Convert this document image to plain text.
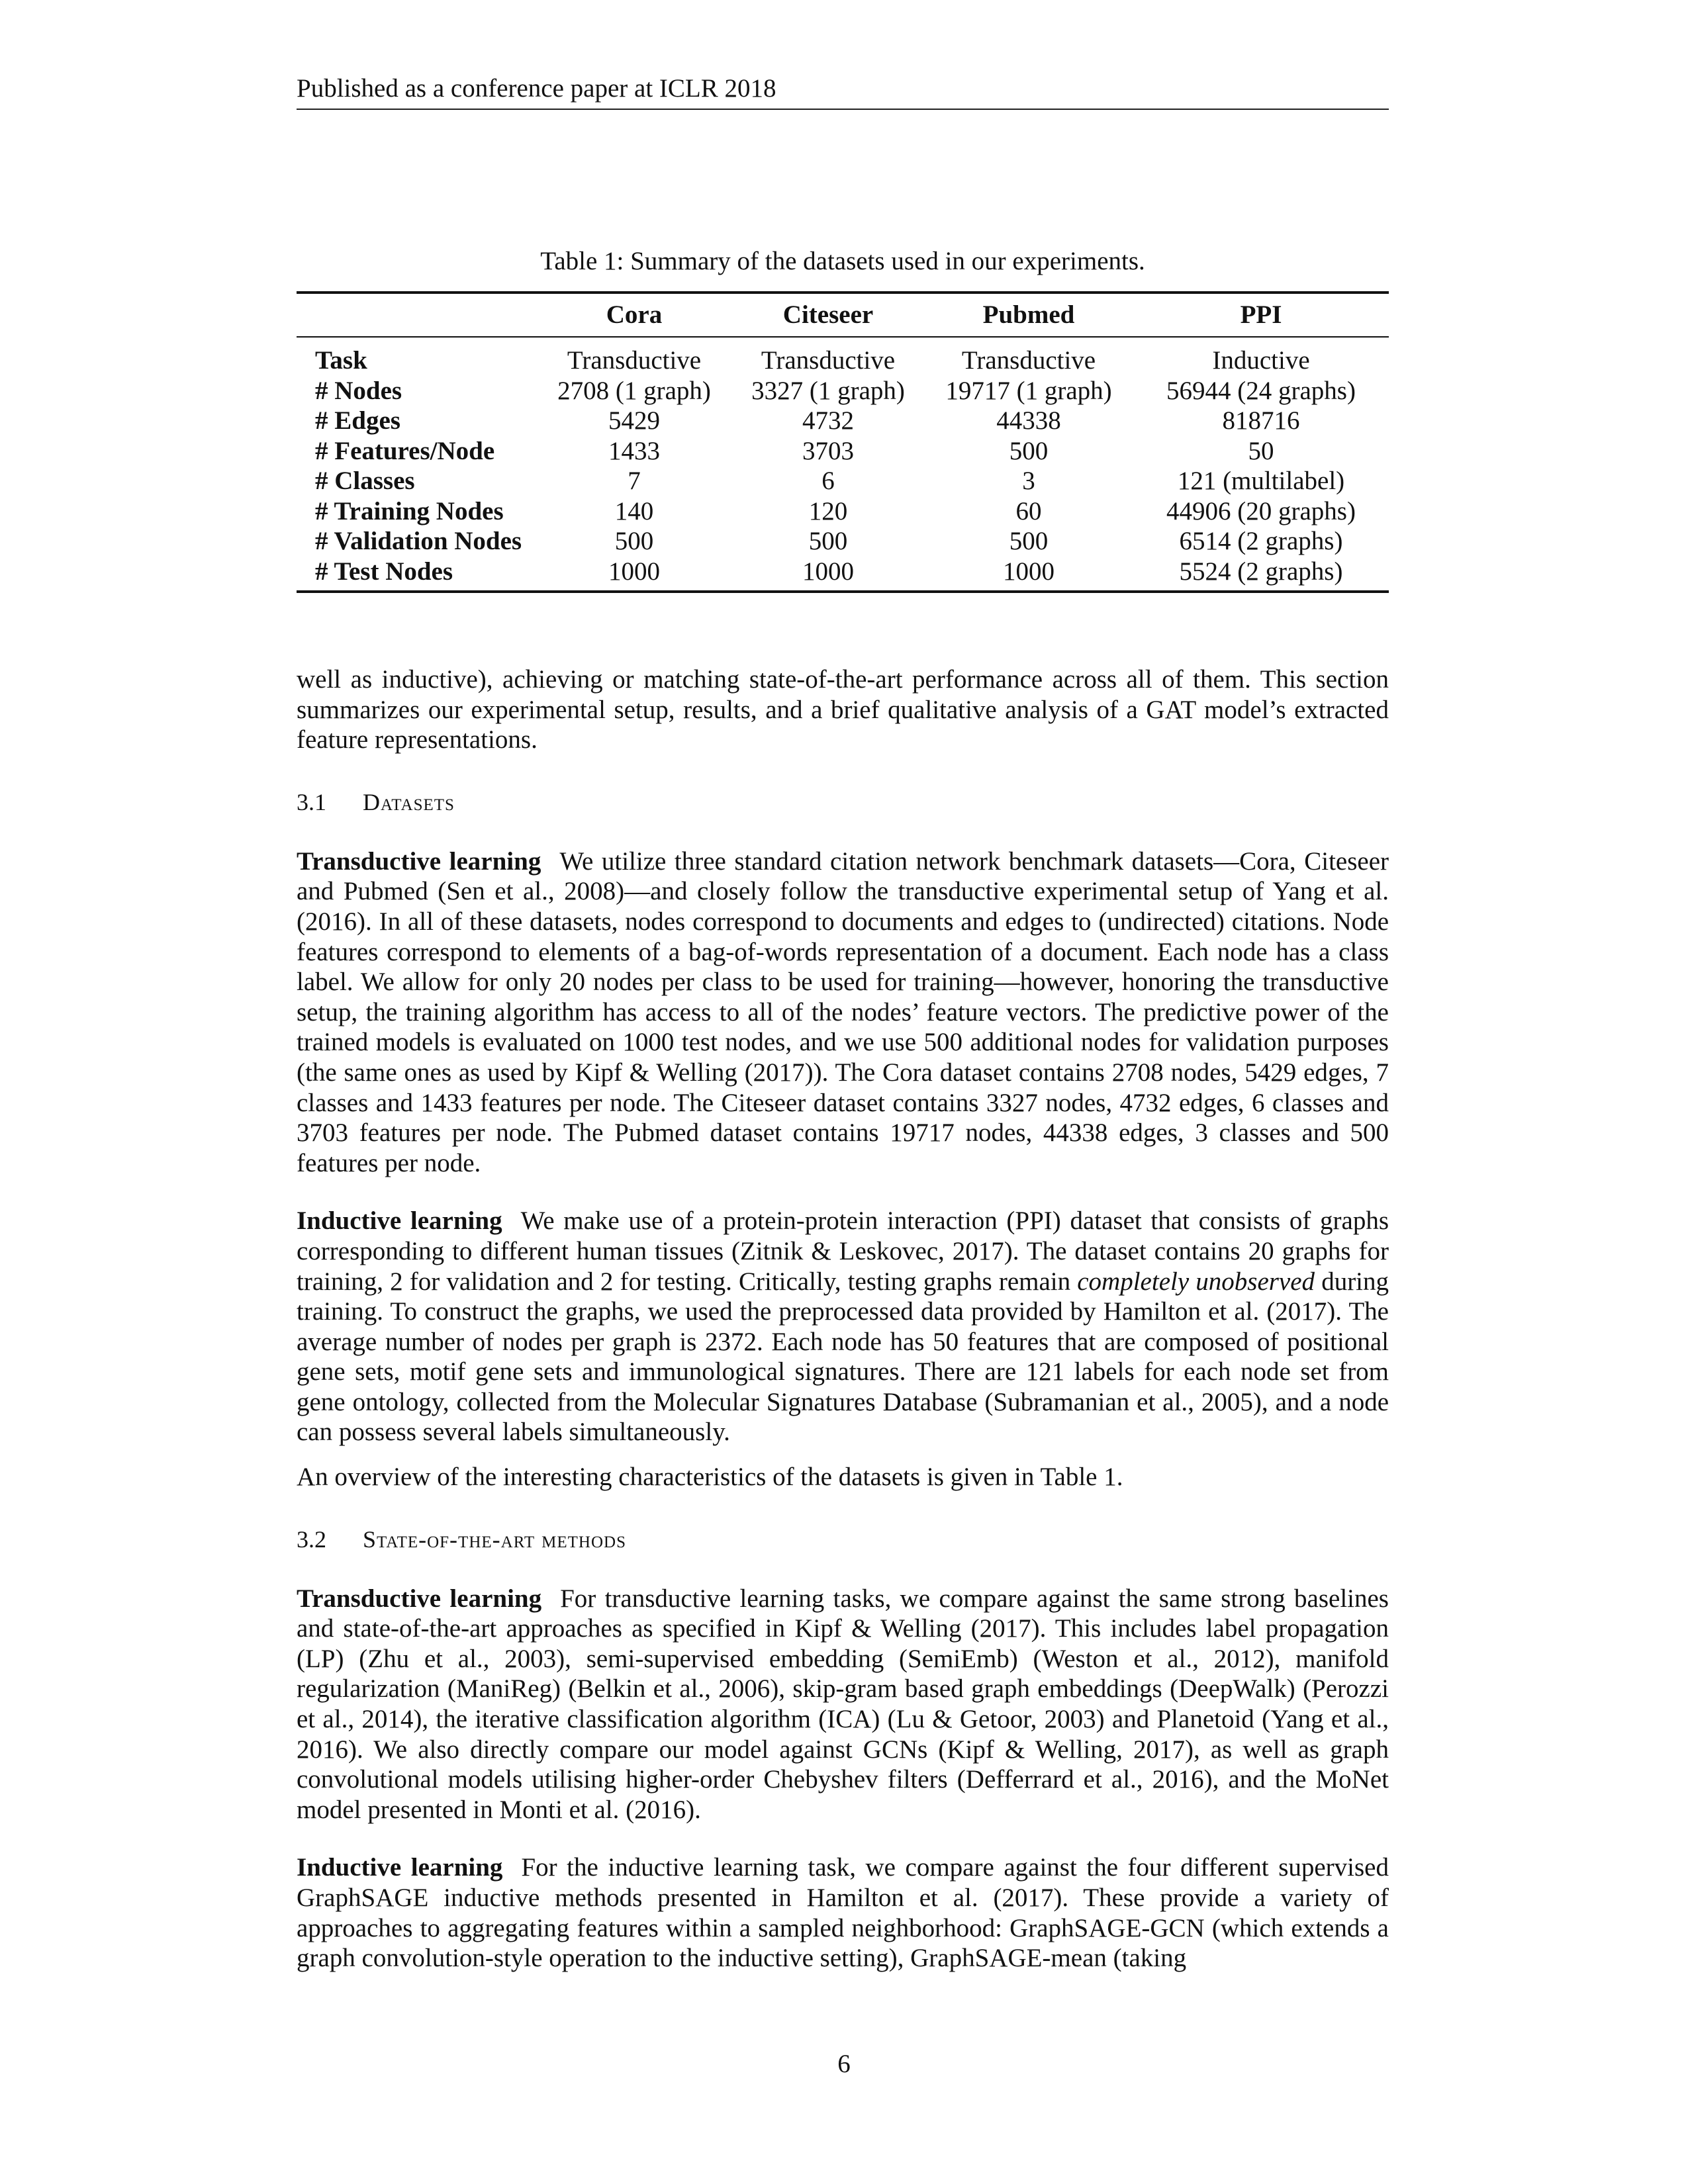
Published as a conference paper at ICLR 2018
Table 1: Summary of the datasets used in our experiments.
	Cora	Citeseer	Pubmed	PPI
Task	Transductive	Transductive	Transductive	Inductive
# Nodes	2708 (1 graph)	3327 (1 graph)	19717 (1 graph)	56944 (24 graphs)
# Edges	5429	4732	44338	818716
# Features/Node	1433	3703	500	50
# Classes	7	6	3	121 (multilabel)
# Training Nodes	140	120	60	44906 (20 graphs)
# Validation Nodes	500	500	500	6514 (2 graphs)
# Test Nodes	1000	1000	1000	5524 (2 graphs)

well as inductive), achieving or matching state-of-the-art performance across all of them. This section summarizes our experimental setup, results, and a brief qualitative analysis of a GAT model’s extracted feature representations.

3.1 Datasets

Transductive learning We utilize three standard citation network benchmark datasets—Cora, Citeseer and Pubmed (Sen et al., 2008)—and closely follow the transductive experimental setup of Yang et al. (2016). In all of these datasets, nodes correspond to documents and edges to (undirected) citations. Node features correspond to elements of a bag-of-words representation of a document. Each node has a class label. We allow for only 20 nodes per class to be used for training—however, honoring the transductive setup, the training algorithm has access to all of the nodes’ feature vectors. The predictive power of the trained models is evaluated on 1000 test nodes, and we use 500 additional nodes for validation purposes (the same ones as used by Kipf & Welling (2017)). The Cora dataset contains 2708 nodes, 5429 edges, 7 classes and 1433 features per node. The Citeseer dataset contains 3327 nodes, 4732 edges, 6 classes and 3703 features per node. The Pubmed dataset contains 19717 nodes, 44338 edges, 3 classes and 500 features per node.

Inductive learning We make use of a protein-protein interaction (PPI) dataset that consists of graphs corresponding to different human tissues (Zitnik & Leskovec, 2017). The dataset contains 20 graphs for training, 2 for validation and 2 for testing. Critically, testing graphs remain completely unobserved during training. To construct the graphs, we used the preprocessed data provided by Hamilton et al. (2017). The average number of nodes per graph is 2372. Each node has 50 features that are composed of positional gene sets, motif gene sets and immunological signatures. There are 121 labels for each node set from gene ontology, collected from the Molecular Signatures Database (Subramanian et al., 2005), and a node can possess several labels simultaneously.

An overview of the interesting characteristics of the datasets is given in Table 1.

3.2 State-of-the-art methods

Transductive learning For transductive learning tasks, we compare against the same strong baselines and state-of-the-art approaches as specified in Kipf & Welling (2017). This includes label propagation (LP) (Zhu et al., 2003), semi-supervised embedding (SemiEmb) (Weston et al., 2012), manifold regularization (ManiReg) (Belkin et al., 2006), skip-gram based graph embeddings (DeepWalk) (Perozzi et al., 2014), the iterative classification algorithm (ICA) (Lu & Getoor, 2003) and Planetoid (Yang et al., 2016). We also directly compare our model against GCNs (Kipf & Welling, 2017), as well as graph convolutional models utilising higher-order Chebyshev filters (Defferrard et al., 2016), and the MoNet model presented in Monti et al. (2016).

Inductive learning For the inductive learning task, we compare against the four different supervised GraphSAGE inductive methods presented in Hamilton et al. (2017). These provide a variety of approaches to aggregating features within a sampled neighborhood: GraphSAGE-GCN (which extends a graph convolution-style operation to the inductive setting), GraphSAGE-mean (taking

6
